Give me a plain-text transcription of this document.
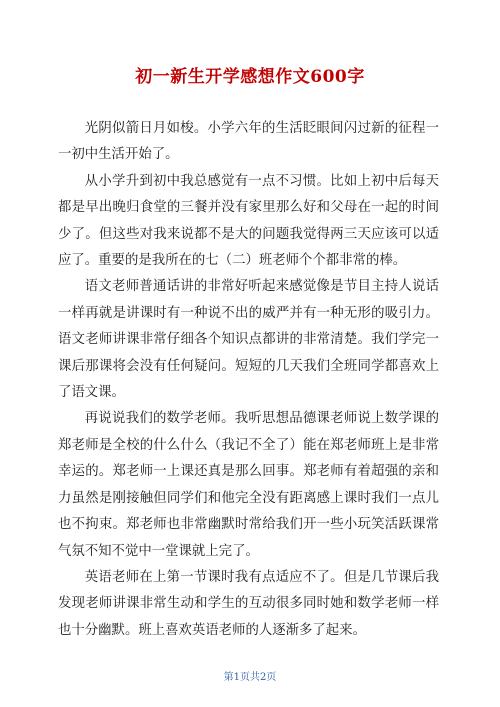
初一新生开学感想作文600字

光阴似箭日月如梭。小学六年的生活眨眼间闪过新的征程一一初中生活开始了。

从小学升到初中我总感觉有一点不习惯。比如上初中后每天都是早出晚归食堂的三餐并没有家里那么好和父母在一起的时间少了。但这些对我来说都不是大的问题我觉得两三天应该可以适应了。重要的是我所在的七（二）班老师个个都非常的棒。

语文老师普通话讲的非常好听起来感觉像是节目主持人说话一样再就是讲课时有一种说不出的威严并有一种无形的吸引力。语文老师讲课非常仔细各个知识点都讲的非常清楚。我们学完一课后那课将会没有任何疑问。短短的几天我们全班同学都喜欢上了语文课。

再说说我们的数学老师。我听思想品德课老师说上数学课的郑老师是全校的什么什么（我记不全了）能在郑老师班上是非常幸运的。郑老师一上课还真是那么回事。郑老师有着超强的亲和力虽然是刚接触但同学们和他完全没有距离感上课时我们一点儿也不拘束。郑老师也非常幽默时常给我们开一些小玩笑活跃课常气氛不知不觉中一堂课就上完了。

英语老师在上第一节课时我有点适应不了。但是几节课后我发现老师讲课非常生动和学生的互动很多同时她和数学老师一样也十分幽默。班上喜欢英语老师的人逐渐多了起来。

第1页共2页
